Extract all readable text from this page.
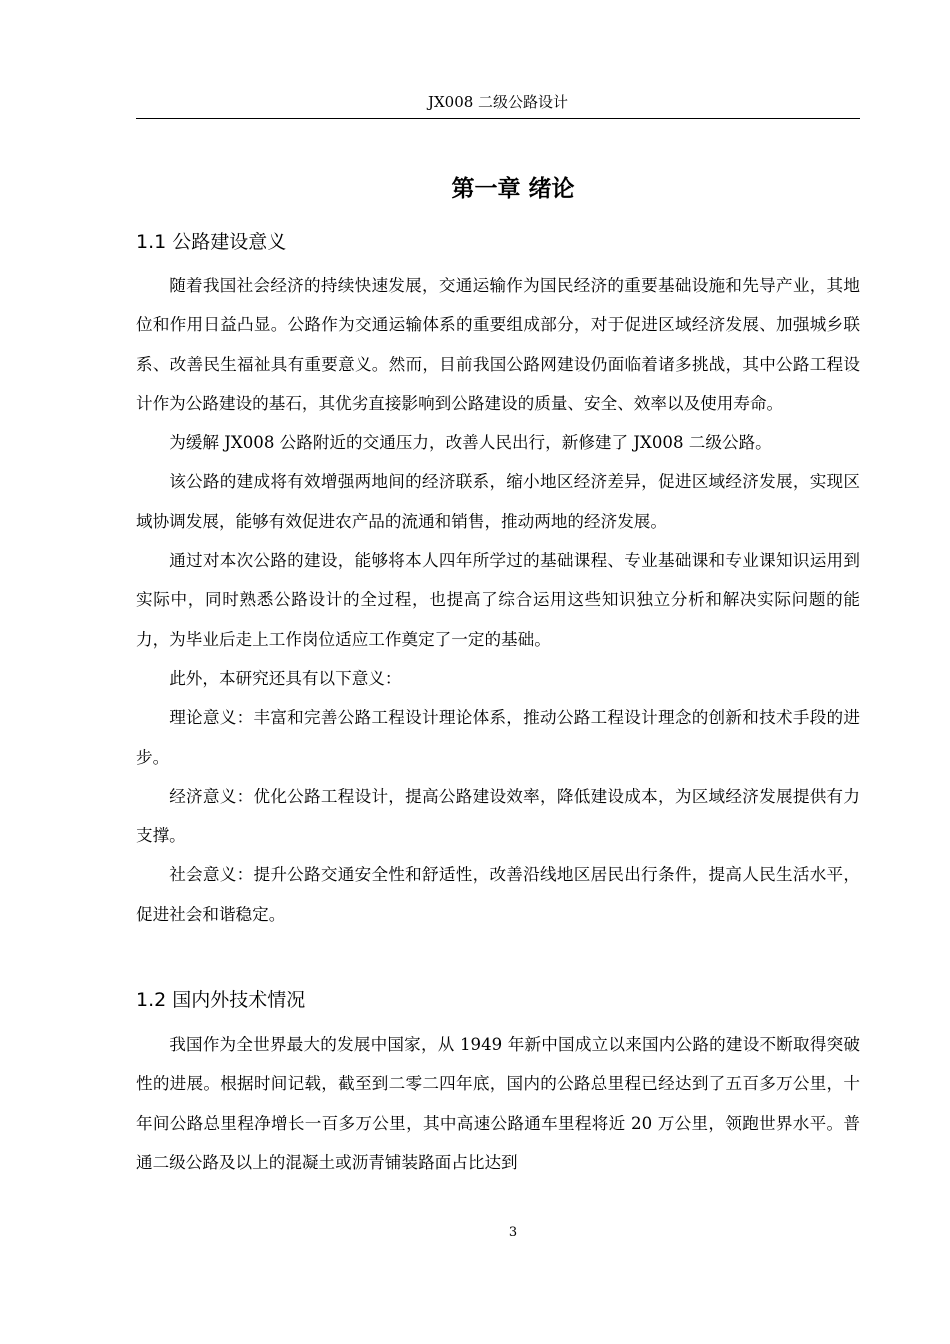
JX008 二级公路设计
第一章 绪论
1.1 公路建设意义

随着我国社会经济的持续快速发展，交通运输作为国民经济的重要基础设施和先导产业，其地位和作用日益凸显。公路作为交通运输体系的重要组成部分，对于促进区域经济发展、加强城乡联系、改善民生福祉具有重要意义。然而，目前我国公路网建设仍面临着诸多挑战，其中公路工程设计作为公路建设的基石，其优劣直接影响到公路建设的质量、安全、效率以及使用寿命。

为缓解 JX008 公路附近的交通压力，改善人民出行，新修建了 JX008 二级公路。

该公路的建成将有效增强两地间的经济联系，缩小地区经济差异，促进区域经济发展，实现区域协调发展，能够有效促进农产品的流通和销售，推动两地的经济发展。

通过对本次公路的建设，能够将本人四年所学过的基础课程、专业基础课和专业课知识运用到实际中，同时熟悉公路设计的全过程，也提高了综合运用这些知识独立分析和解决实际问题的能力，为毕业后走上工作岗位适应工作奠定了一定的基础。

此外，本研究还具有以下意义：

理论意义：丰富和完善公路工程设计理论体系，推动公路工程设计理念的创新和技术手段的进步。

经济意义：优化公路工程设计，提高公路建设效率，降低建设成本，为区域经济发展提供有力支撑。

社会意义：提升公路交通安全性和舒适性，改善沿线地区居民出行条件，提高人民生活水平，促进社会和谐稳定。

1.2 国内外技术情况

我国作为全世界最大的发展中国家，从 1949 年新中国成立以来国内公路的建设不断取得突破性的进展。根据时间记载，截至到二零二四年底，国内的公路总里程已经达到了五百多万公里，十年间公路总里程净增长一百多万公里，其中高速公路通车里程将近 20 万公里，领跑世界水平。普通二级公路及以上的混凝土或沥青铺装路面占比达到

3
